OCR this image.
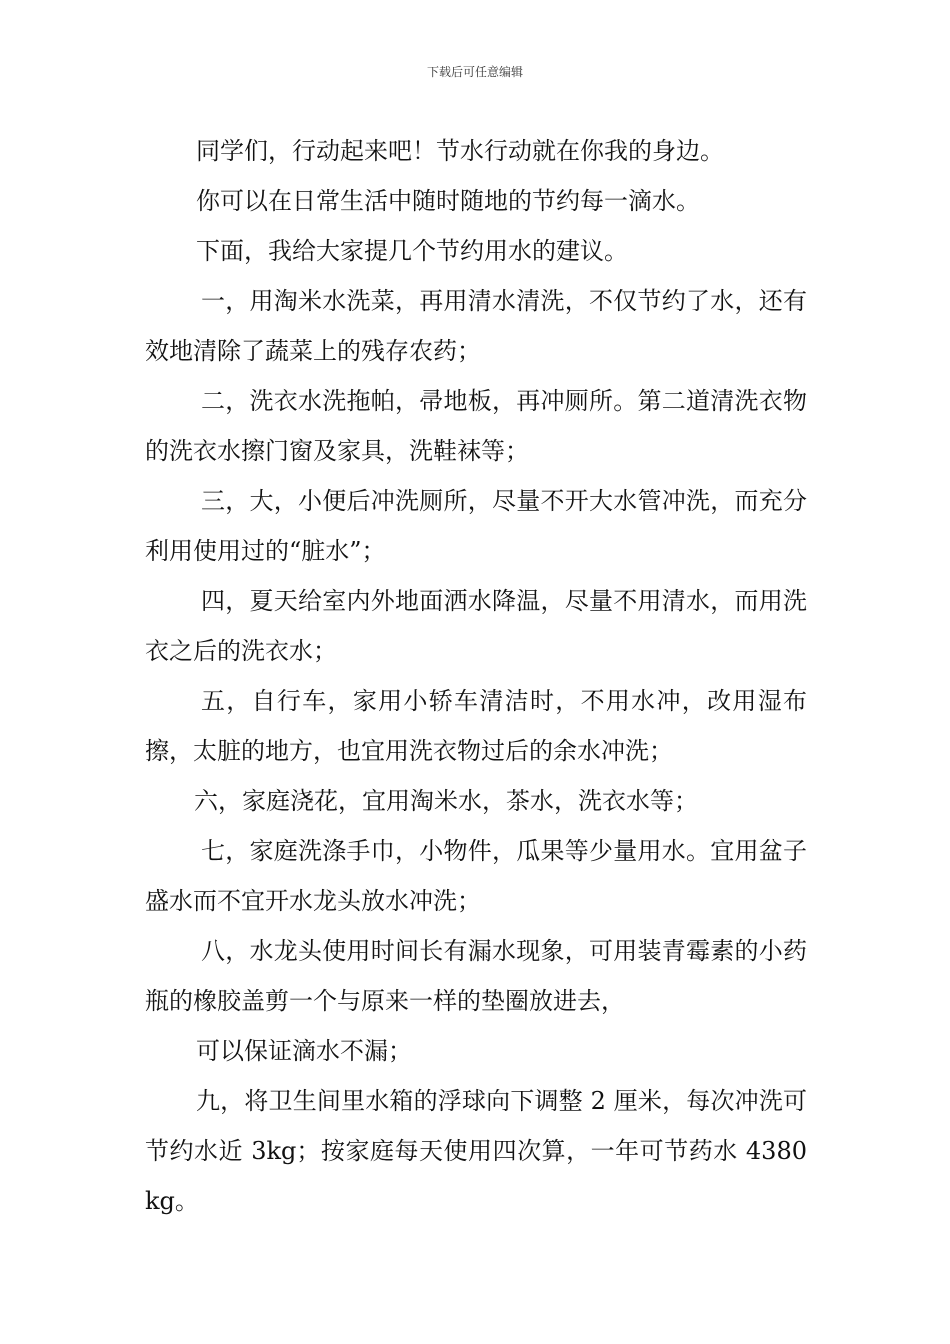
下载后可任意编辑

同学们，行动起来吧！节水行动就在你我的身边。

你可以在日常生活中随时随地的节约每一滴水。

下面，我给大家提几个节约用水的建议。

一，用淘米水洗菜，再用清水清洗，不仅节约了水，还有效地清除了蔬菜上的残存农药；

二，洗衣水洗拖帕，帚地板，再冲厕所。第二道清洗衣物的洗衣水擦门窗及家具，洗鞋袜等；

三，大，小便后冲洗厕所，尽量不开大水管冲洗，而充分利用使用过的“脏水”；

四，夏天给室内外地面洒水降温，尽量不用清水，而用洗衣之后的洗衣水；

五，自行车，家用小轿车清洁时，不用水冲，改用湿布擦，太脏的地方，也宜用洗衣物过后的余水冲洗；

六，家庭浇花，宜用淘米水，茶水，洗衣水等；

七，家庭洗涤手巾，小物件，瓜果等少量用水。宜用盆子盛水而不宜开水龙头放水冲洗；

八，水龙头使用时间长有漏水现象，可用装青霉素的小药瓶的橡胶盖剪一个与原来一样的垫圈放进去，

可以保证滴水不漏；

九，将卫生间里水箱的浮球向下调整 2 厘米，每次冲洗可节约水近 3kg；按家庭每天使用四次算，一年可节药水 4380kg。
